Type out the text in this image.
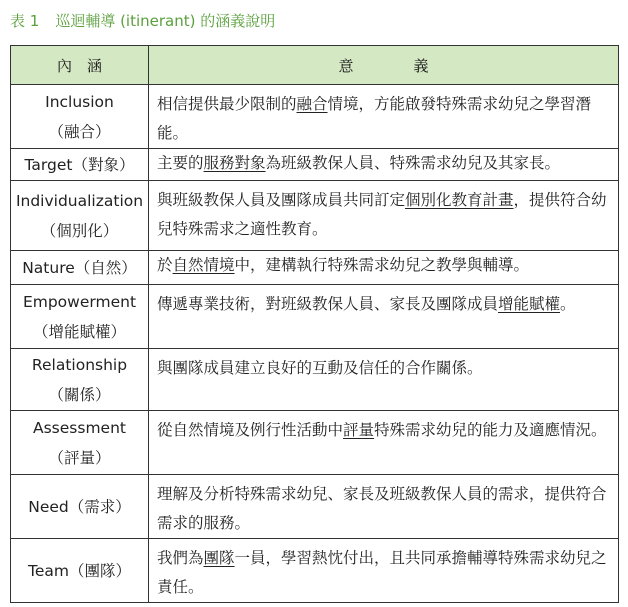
表 1 巡迴輔導 (itinerant) 的涵義說明
內　涵	意　　　　義
Inclusion
（融合）	相信提供最少限制的融合情境，方能啟發特殊需求幼兒之學習潛能。

Target（對象）	主要的服務對象為班級教保人員、特殊需求幼兒及其家長。

Individualization
（個別化）	與班級教保人員及團隊成員共同訂定個別化教育計畫，提供符合幼兒特殊需求之適性教育。

Nature（自然）	於自然情境中，建構執行特殊需求幼兒之教學與輔導。

Empowerment
（增能賦權）	傳遞專業技術，對班級教保人員、家長及團隊成員增能賦權。

Relationship
（關係）	與團隊成員建立良好的互動及信任的合作關係。

Assessment
（評量）	從自然情境及例行性活動中評量特殊需求幼兒的能力及適應情況。

Need（需求）	理解及分析特殊需求幼兒、家長及班級教保人員的需求，提供符合需求的服務。

Team（團隊）	我們為團隊一員，學習熱忱付出，且共同承擔輔導特殊需求幼兒之責任。
